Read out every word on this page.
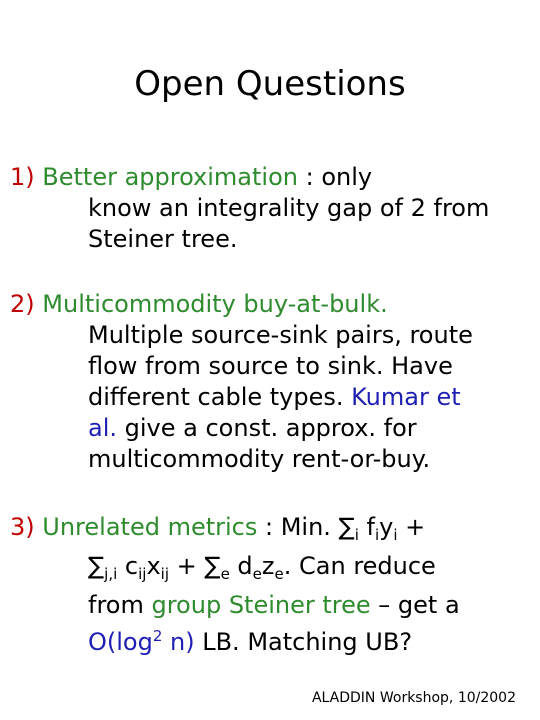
Open Questions
1) Better approximation : only
know an integrality gap of 2 from
Steiner tree.
2) Multicommodity buy-at-bulk.
Multiple source-sink pairs, route
flow from source to sink. Have
different cable types. Kumar et
al. give a const. approx. for
multicommodity rent-or-buy.
3) Unrelated metrics : Min. $\sum_i$ $f_iy_i$ +
$\sum_{j,i}$ $c_{ij}x_{ij} + \sum_e$ $d_ez_e$. Can reduce
from group Steiner tree – get a
$O(\log^2$ n) LB. Matching UB?
ALADDIN Workshop, 10/2002
